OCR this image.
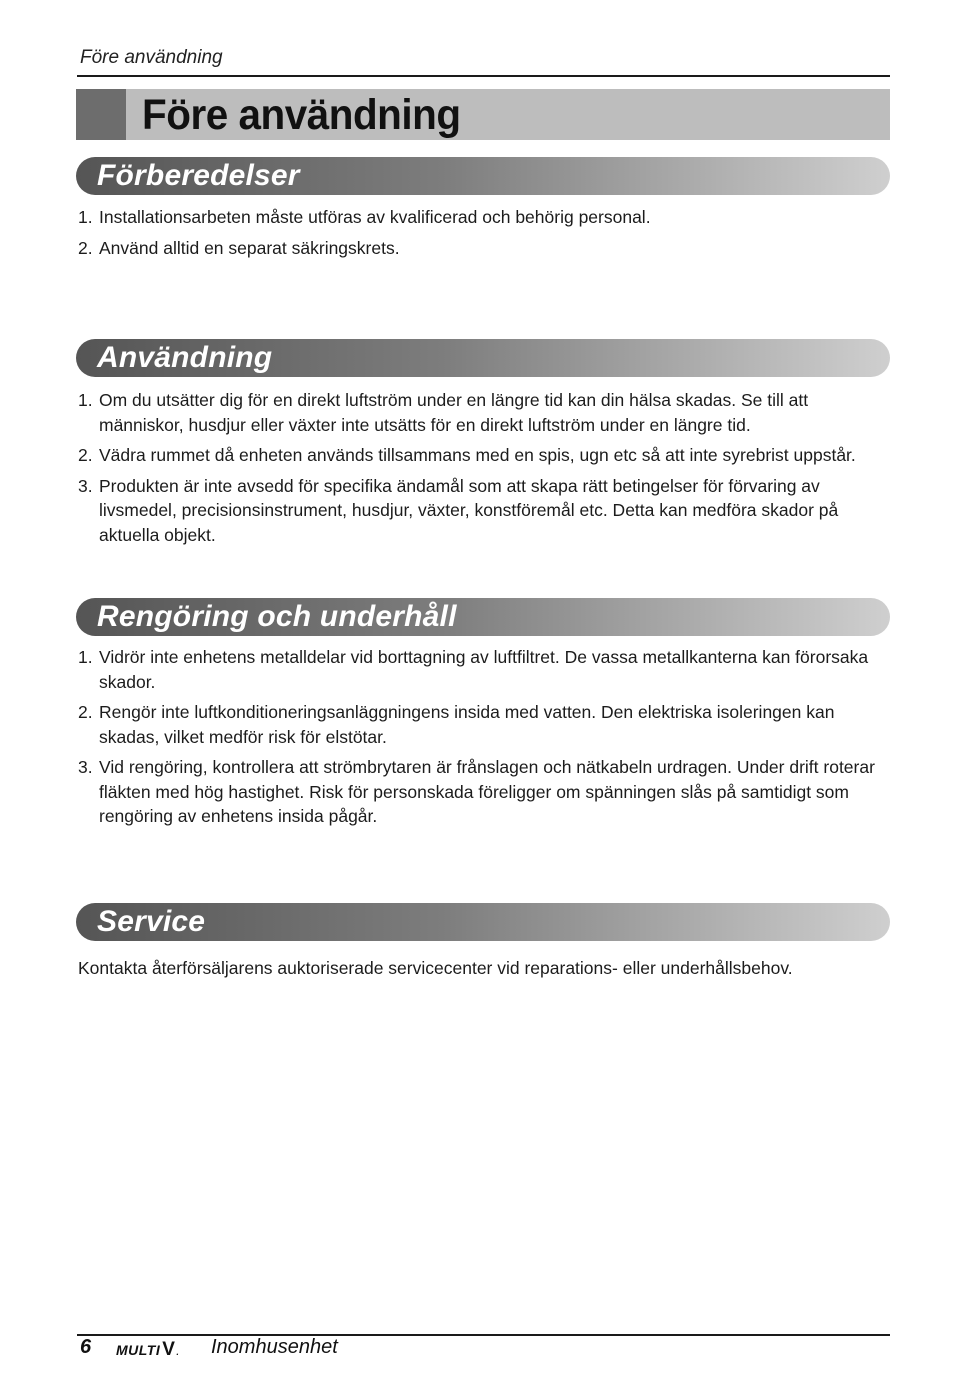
Före användning
Före användning
Förberedelser
1. Installationsarbeten måste utföras av kvalificerad och behörig personal.
2. Använd alltid en separat säkringskrets.
Användning
1. Om du utsätter dig för en direkt luftström under en längre tid kan din hälsa skadas. Se till att människor, husdjur eller växter inte utsätts för en direkt luftström under en längre tid.
2. Vädra rummet då enheten används tillsammans med en spis, ugn etc så att inte syrebrist uppstår.
3. Produkten är inte avsedd för specifika ändamål som att skapa rätt betingelser för förvaring av livsmedel, precisionsinstrument, husdjur, växter, konstföremål etc. Detta kan medföra skador på aktuella objekt.
Rengöring och underhåll
1. Vidrör inte enhetens metalldelar vid borttagning av luftfiltret. De vassa metallkanterna kan förorsaka skador.
2. Rengör inte luftkonditioneringsanläggningens insida med vatten. Den elektriska isoleringen kan skadas, vilket medför risk för elstötar.
3. Vid rengöring, kontrollera att strömbrytaren är frånslagen och nätkabeln urdragen. Under drift roterar fläkten med hög hastighet. Risk för personskada föreligger om spänningen slås på samtidigt som rengöring av enhetens insida pågår.
Service

Kontakta återförsäljarens auktoriserade servicecenter vid reparations- eller underhållsbehov.

6 MULTI V. Inomhusenhet
